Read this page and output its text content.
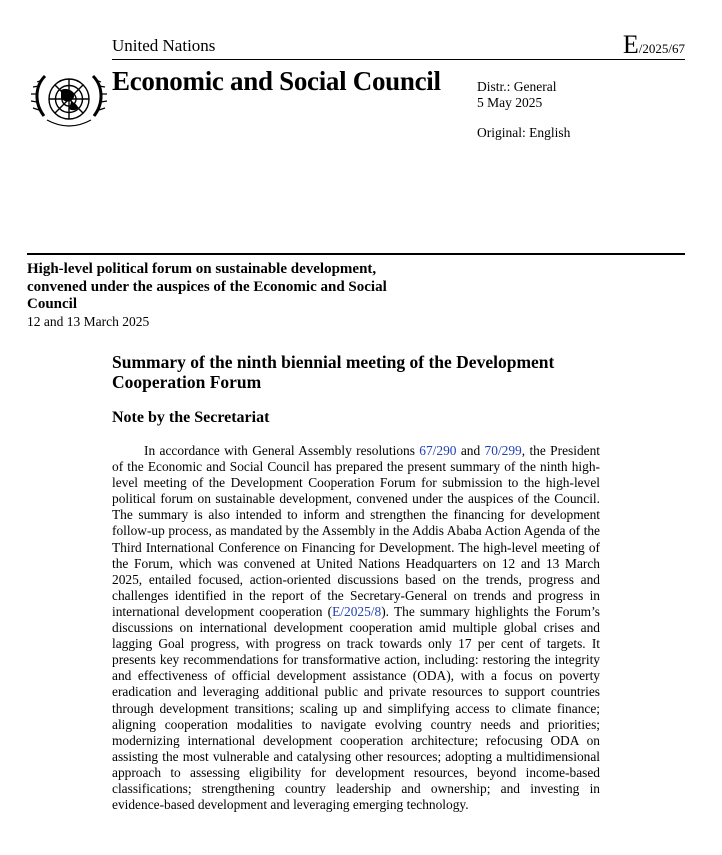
United Nations	E/2025/67
Economic and Social Council	Distr.: General
5 May 2025
Original: English
High-level political forum on sustainable development, convened under the auspices of the Economic and Social Council
12 and 13 March 2025
Summary of the ninth biennial meeting of the Development Cooperation Forum
Note by the Secretariat

In accordance with General Assembly resolutions 67/290 and 70/299, the President of the Economic and Social Council has prepared the present summary of the ninth high-level meeting of the Development Cooperation Forum for submission to the high-level political forum on sustainable development, convened under the auspices of the Council. The summary is also intended to inform and strengthen the financing for development follow-up process, as mandated by the Assembly in the Addis Ababa Action Agenda of the Third International Conference on Financing for Development. The high-level meeting of the Forum, which was convened at United Nations Headquarters on 12 and 13 March 2025, entailed focused, action-oriented discussions based on the trends, progress and challenges identified in the report of the Secretary-General on trends and progress in international development cooperation (E/2025/8). The summary highlights the Forum’s discussions on international development cooperation amid multiple global crises and lagging Goal progress, with progress on track towards only 17 per cent of targets. It presents key recommendations for transformative action, including: restoring the integrity and effectiveness of official development assistance (ODA), with a focus on poverty eradication and leveraging additional public and private resources to support countries through development transitions; scaling up and simplifying access to climate finance; aligning cooperation modalities to navigate evolving country needs and priorities; modernizing international development cooperation architecture; refocusing ODA on assisting the most vulnerable and catalysing other resources; adopting a multidimensional approach to assessing eligibility for development resources, beyond income-based classifications; strengthening country leadership and ownership; and investing in evidence-based development and leveraging emerging technology.
